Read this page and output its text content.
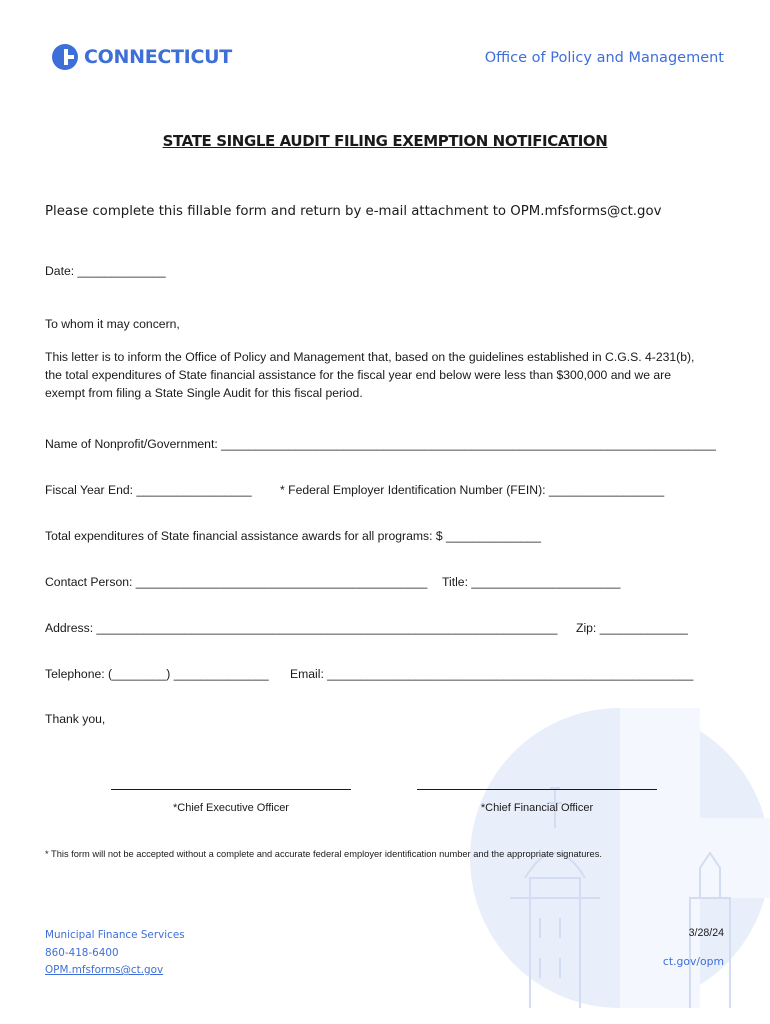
CONNECTICUT	Office of Policy and Management
STATE SINGLE AUDIT FILING EXEMPTION NOTIFICATION
Please complete this fillable form and return by e-mail attachment to OPM.mfsforms@ct.gov
Date: _____________
To whom it may concern,
This letter is to inform the Office of Policy and Management that, based on the guidelines established in C.G.S. 4-231(b),
the total expenditures of State financial assistance for the fiscal year end below were less than $300,000 and we are
exempt from filing a State Single Audit for this fiscal period.
Name of Nonprofit/Government: _________________________________________________________________________
Fiscal Year End: _________________ * Federal Employer Identification Number (FEIN): _________________
Total expenditures of State financial assistance awards for all programs: $ ______________
Contact Person: ___________________________________________ Title: ______________________
Address: ____________________________________________________________________ Zip: _____________
Telephone: (________) ______________ Email: ______________________________________________________
Thank you,
*Chief Executive Officer	*Chief Financial Officer
* This form will not be accepted without a complete and accurate federal employer identification number and the appropriate signatures.
Municipal Finance Services
860-418-6400
OPM.mfsforms@ct.gov
3/28/24
ct.gov/opm
